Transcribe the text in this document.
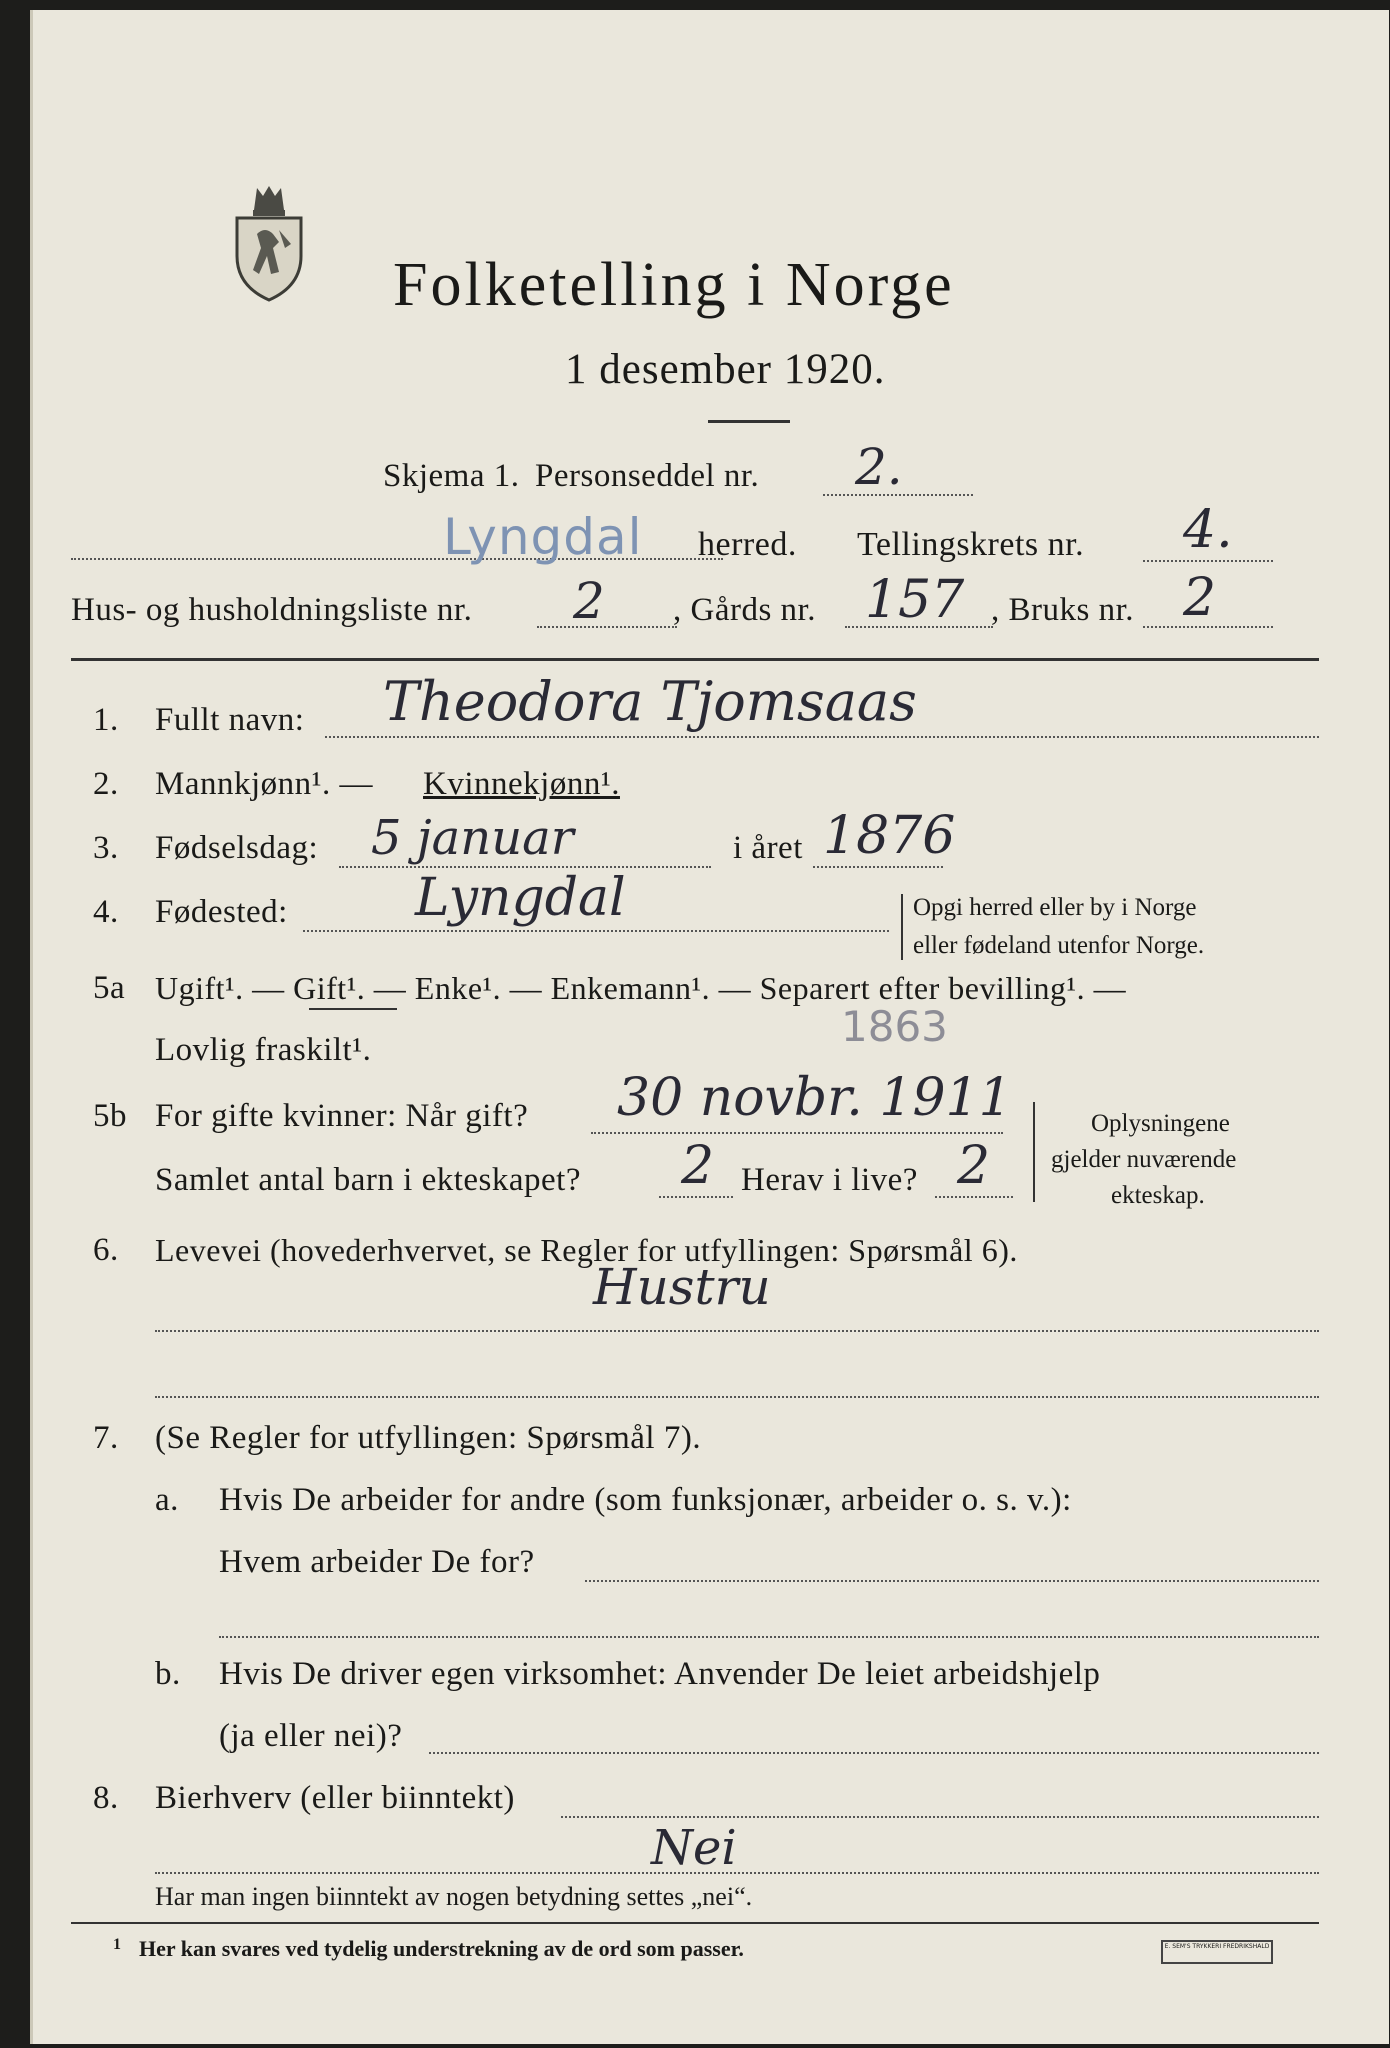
Folketelling i Norge
1 desember 1920.
Skjema 1. Personseddel nr. 2.
Lyngdal herred. Tellingskrets nr. 4.
Hus- og husholdningsliste nr. 2 , Gårds nr. 157 , Bruks nr. 2
1. Fullt navn: Theodora Tjomsaas
2. Mannkjønn¹. — Kvinnekjønn¹.
3. Fødselsdag: 5 januar	i året 1876
4. Fødested: Lyngdal	Opgi herred eller by i Norge
eller fødeland utenfor Norge.
5a Ugift¹. — Gift¹. — Enke¹. — Enkemann¹. — Separert efter bevilling¹. —
1863
Lovlig fraskilt¹.
5b For gifte kvinner: Når gift? 30 novbr. 1911
Samlet antal barn i ekteskapet? 2 Herav i live? 2
Oplysningene
gjelder nuværende
ekteskap.
6. Levevei (hovederhvervet, se Regler for utfyllingen: Spørsmål 6).
Hustru
7. (Se Regler for utfyllingen: Spørsmål 7).
a. Hvis De arbeider for andre (som funksjonær, arbeider o. s. v.):
Hvem arbeider De for?
b. Hvis De driver egen virksomhet: Anvender De leiet arbeidshjelp
(ja eller nei)?
8. Bierhverv (eller biinntekt)
Nei
Har man ingen biinntekt av nogen betydning settes „nei“.
1 Her kan svares ved tydelig understrekning av de ord som passer.	E. SEM'S TRYKKERI FREDRIKSHALD
